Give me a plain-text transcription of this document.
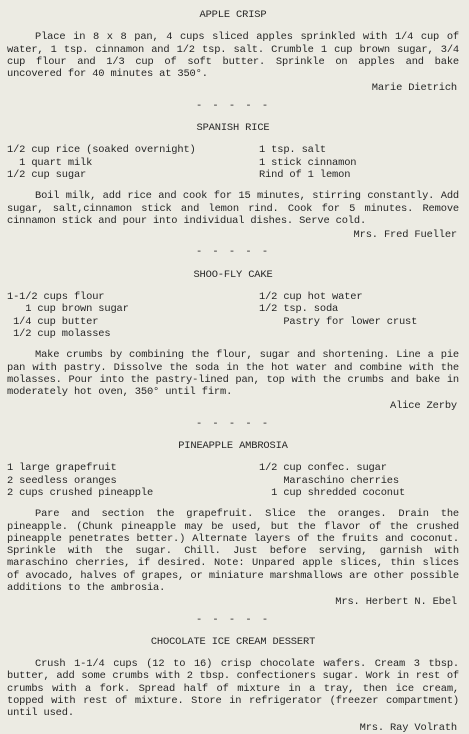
APPLE CRISP

Place in 8 x 8 pan, 4 cups sliced apples sprinkled with 1/4 cup of water, 1 tsp. cinnamon and 1/2 tsp. salt. Crumble 1 cup brown sugar, 3/4 cup flour and 1/3 cup of soft butter. Sprinkle on apples and bake uncovered for 40 minutes at 350°.

Marie Dietrich
- - - - -
SPANISH RICE

1/2 cup rice (soaked overnight)

1 quart milk

1/2 cup sugar

1 tsp. salt

1 stick cinnamon

Rind of 1 lemon

Boil milk, add rice and cook for 15 minutes, stirring constantly. Add sugar, salt,cinnamon stick and lemon rind. Cook for 5 minutes. Remove cinnamon stick and pour into individual dishes. Serve cold.

Mrs. Fred Fueller
- - - - -
SHOO-FLY CAKE

1-1/2 cups flour

1 cup brown sugar

1/4 cup butter

1/2 cup molasses

1/2 cup hot water

1/2 tsp. soda

Pastry for lower crust

Make crumbs by combining the flour, sugar and shortening. Line a pie pan with pastry. Dissolve the soda in the hot water and combine with the molasses. Pour into the pastry-lined pan, top with the crumbs and bake in moderately hot oven, 350° until firm.

Alice Zerby
- - - - -
PINEAPPLE AMBROSIA

1 large grapefruit

2 seedless oranges

2 cups crushed pineapple

1/2 cup confec. sugar

Maraschino cherries

1 cup shredded coconut

Pare and section the grapefruit. Slice the oranges. Drain the pineapple. (Chunk pineapple may be used, but the flavor of the crushed pineapple penetrates better.) Alternate layers of the fruits and coconut. Sprinkle with the sugar. Chill. Just before serving, garnish with maraschino cherries, if desired. Note: Unpared apple slices, thin slices of avocado, halves of grapes, or miniature marshmallows are other possible additions to the ambrosia.

Mrs. Herbert N. Ebel
- - - - -
CHOCOLATE ICE CREAM DESSERT

Crush 1-1/4 cups (12 to 16) crisp chocolate wafers. Cream 3 tbsp. butter, add some crumbs with 2 tbsp. confectioners sugar. Work in rest of crumbs with a fork. Spread half of mixture in a tray, then ice cream, topped with rest of mixture. Store in refrigerator (freezer compartment) until used.

Mrs. Ray Volrath
